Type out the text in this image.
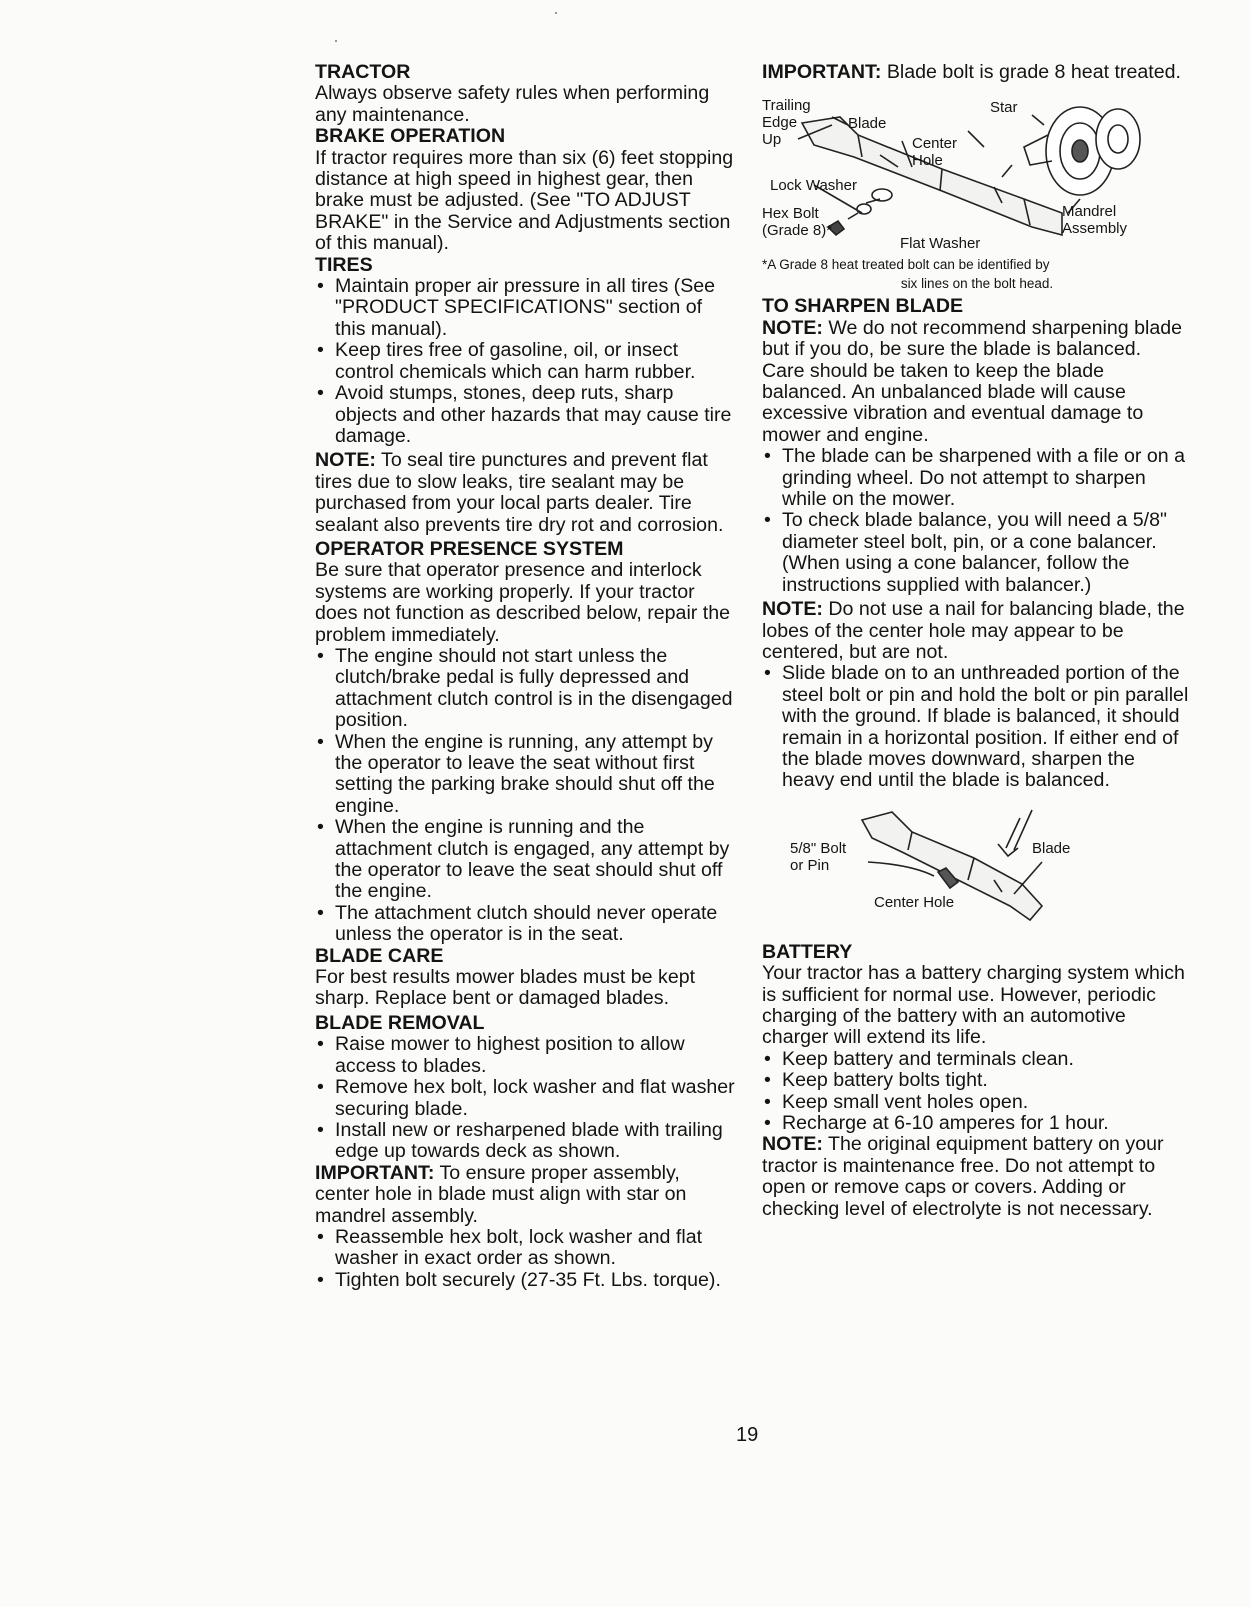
TRACTOR

Always observe safety rules when performing any maintenance.

BRAKE OPERATION

If tractor requires more than six (6) feet stopping distance at high speed in highest gear, then brake must be adjusted. (See "TO ADJUST BRAKE" in the Service and Adjustments section of this manual).

TIRES

• Maintain proper air pressure in all tires (See "PRODUCT SPECIFICATIONS" section of this manual).
• Keep tires free of gasoline, oil, or insect control chemicals which can harm rubber.
• Avoid stumps, stones, deep ruts, sharp objects and other hazards that may cause tire damage.

NOTE: To seal tire punctures and prevent flat tires due to slow leaks, tire sealant may be purchased from your local parts dealer. Tire sealant also prevents tire dry rot and corrosion.

OPERATOR PRESENCE SYSTEM

Be sure that operator presence and interlock systems are working properly. If your tractor does not function as described below, repair the problem immediately.

• The engine should not start unless the clutch/brake pedal is fully depressed and attachment clutch control is in the disengaged position.
• When the engine is running, any attempt by the operator to leave the seat without first setting the parking brake should shut off the engine.
• When the engine is running and the attachment clutch is engaged, any attempt by the operator to leave the seat should shut off the engine.
• The attachment clutch should never operate unless the operator is in the seat.

BLADE CARE

For best results mower blades must be kept sharp. Replace bent or damaged blades.

BLADE REMOVAL

• Raise mower to highest position to allow access to blades.
• Remove hex bolt, lock washer and flat washer securing blade.
• Install new or resharpened blade with trailing edge up towards deck as shown.

IMPORTANT: To ensure proper assembly, center hole in blade must align with star on mandrel assembly.

• Reassemble hex bolt, lock washer and flat washer in exact order as shown.
• Tighten bolt securely (27-35 Ft. Lbs. torque).

IMPORTANT: Blade bolt is grade 8 heat treated.

Trailing
Edge
Up
Blade
Star
Center
Hole
Lock Washer
Mandrel
Assembly
Hex Bolt
(Grade 8)*
Flat Washer

*A Grade 8 heat treated bolt can be identified by

six lines on the bolt head.

TO SHARPEN BLADE

NOTE: We do not recommend sharpening blade but if you do, be sure the blade is balanced.

Care should be taken to keep the blade balanced. An unbalanced blade will cause excessive vibration and eventual damage to mower and engine.

• The blade can be sharpened with a file or on a grinding wheel. Do not attempt to sharpen while on the mower.
• To check blade balance, you will need a 5/8" diameter steel bolt, pin, or a cone balancer. (When using a cone balancer, follow the instructions supplied with balancer.)

NOTE: Do not use a nail for balancing blade, the lobes of the center hole may appear to be centered, but are not.

• Slide blade on to an unthreaded portion of the steel bolt or pin and hold the bolt or pin parallel with the ground. If blade is balanced, it should remain in a horizontal position. If either end of the blade moves downward, sharpen the heavy end until the blade is balanced.
5/8" Bolt
or Pin
Blade
Center Hole

BATTERY

Your tractor has a battery charging system which is sufficient for normal use. However, periodic charging of the battery with an automotive charger will extend its life.

• Keep battery and terminals clean.
• Keep battery bolts tight.
• Keep small vent holes open.
• Recharge at 6-10 amperes for 1 hour.

NOTE: The original equipment battery on your tractor is maintenance free. Do not attempt to open or remove caps or covers. Adding or checking level of electrolyte is not necessary.

19
